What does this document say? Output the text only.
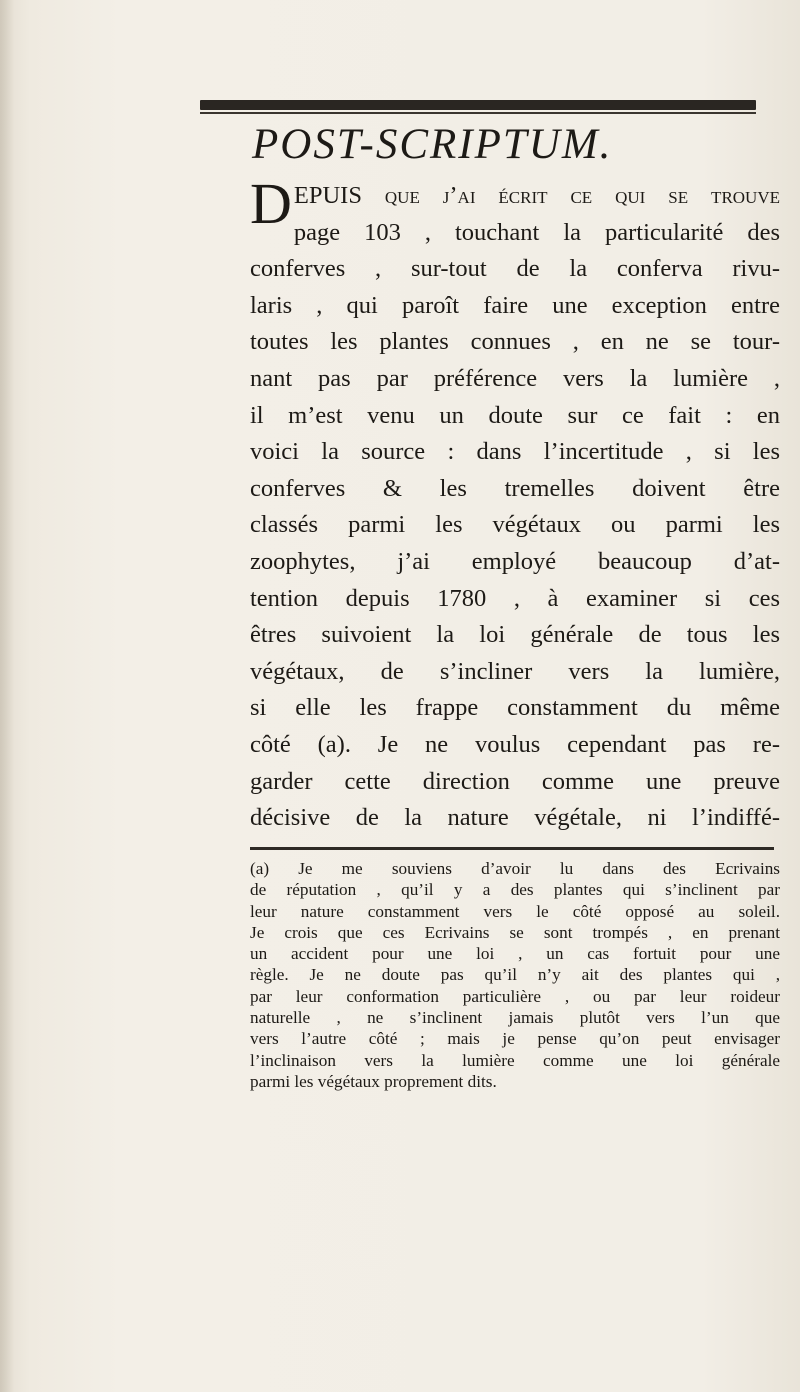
POST-SCRIPTUM.
DEPUIS que j’ai écrit ce qui se trouve
page 103 , touchant la particularité des
conferves , sur-tout de la conferva rivu-
laris , qui paroît faire une exception entre
toutes les plantes connues , en ne se tour-
nant pas par préférence vers la lumière ,
il m’est venu un doute sur ce fait : en
voici la source : dans l’incertitude , si les
conferves & les tremelles doivent être
classés parmi les végétaux ou parmi les
zoophytes, j’ai employé beaucoup d’at-
tention depuis 1780 , à examiner si ces
êtres suivoient la loi générale de tous les
végétaux, de s’incliner vers la lumière,
si elle les frappe constamment du même
côté (a). Je ne voulus cependant pas re-
garder cette direction comme une preuve
décisive de la nature végétale, ni l’indiffé-
(a) Je me souviens d’avoir lu dans des Ecrivains
de réputation , qu’il y a des plantes qui s’inclinent par
leur nature constamment vers le côté opposé au soleil.
Je crois que ces Ecrivains se sont trompés , en prenant
un accident pour une loi , un cas fortuit pour une
règle. Je ne doute pas qu’il n’y ait des plantes qui ,
par leur conformation particulière , ou par leur roideur
naturelle , ne s’inclinent jamais plutôt vers l’un que
vers l’autre côté ; mais je pense qu’on peut envisager
l’inclinaison vers la lumière comme une loi générale
parmi les végétaux proprement dits.
